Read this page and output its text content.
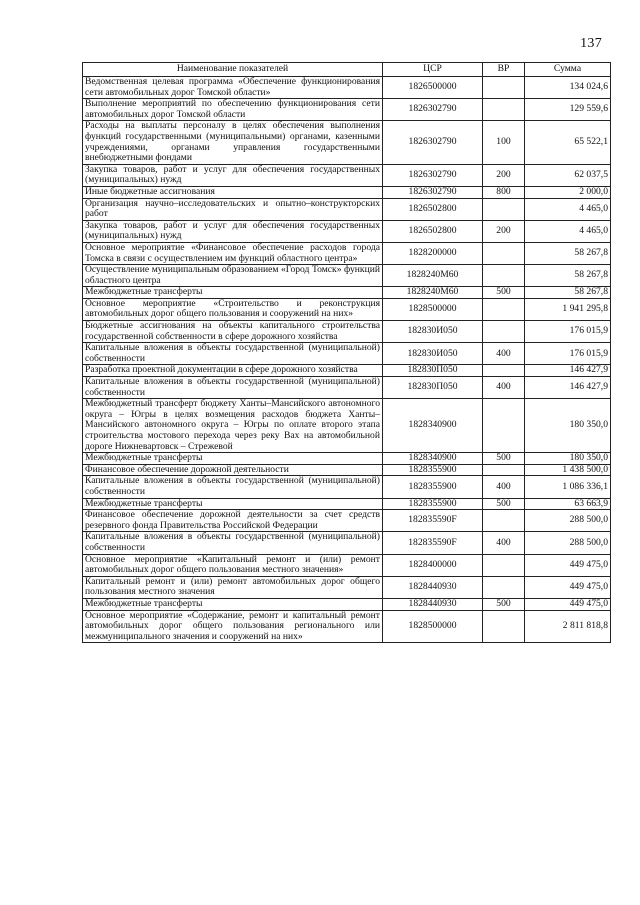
137
Наименование показателей	ЦСР	ВР	Сумма
Ведомственная целевая программа «Обеспечение функционирования сети автомобильных дорог Томской области»	1826500000		134 024,6
Выполнение мероприятий по обеспечению функционирования сети автомобильных дорог Томской области	1826302790		129 559,6
Расходы на выплаты персоналу в целях обеспечения выполнения функций государственными (муниципальными) органами, казенными учреждениями, органами управления государственными внебюджетными фондами	1826302790	100	65 522,1
Закупка товаров, работ и услуг для обеспечения государственных (муниципальных) нужд	1826302790	200	62 037,5
Иные бюджетные ассигнования	1826302790	800	2 000,0
Организация научно–исследовательских и опытно–конструкторских работ	1826502800		4 465,0
Закупка товаров, работ и услуг для обеспечения государственных (муниципальных) нужд	1826502800	200	4 465,0
Основное мероприятие «Финансовое обеспечение расходов города Томска в связи с осуществлением им функций областного центра»	1828200000		58 267,8
Осуществление муниципальным образованием «Город Томск» функций областного центра	1828240М60		58 267,8
Межбюджетные трансферты	1828240М60	500	58 267,8
Основное мероприятие «Строительство и реконструкция автомобильных дорог общего пользования и сооружений на них»	1828500000		1 941 295,8
Бюджетные ассигнования на объекты капитального строительства государственной собственности в сфере дорожного хозяйства	182830И050		176 015,9
Капитальные вложения в объекты государственной (муниципальной) собственности	182830И050	400	176 015,9
Разработка проектной документации в сфере дорожного хозяйства	182830П050		146 427,9
Капитальные вложения в объекты государственной (муниципальной) собственности	182830П050	400	146 427,9
Межбюджетный трансферт бюджету Ханты–Мансийского автономного округа – Югры в целях возмещения расходов бюджета Ханты–Мансийского автономного округа – Югры по оплате второго этапа строительства мостового перехода через реку Вах на автомобильной дороге Нижневартовск – Стрежевой	1828340900		180 350,0
Межбюджетные трансферты	1828340900	500	180 350,0
Финансовое обеспечение дорожной деятельности	1828355900		1 438 500,0
Капитальные вложения в объекты государственной (муниципальной) собственности	1828355900	400	1 086 336,1
Межбюджетные трансферты	1828355900	500	63 663,9
Финансовое обеспечение дорожной деятельности за счет средств резервного фонда Правительства Российской Федерации	182835590F		288 500,0
Капитальные вложения в объекты государственной (муниципальной) собственности	182835590F	400	288 500,0
Основное мероприятие «Капитальный ремонт и (или) ремонт автомобильных дорог общего пользования местного значения»	1828400000		449 475,0
Капитальный ремонт и (или) ремонт автомобильных дорог общего пользования местного значения	1828440930		449 475,0
Межбюджетные трансферты	1828440930	500	449 475,0
Основное мероприятие «Содержание, ремонт и капитальный ремонт автомобильных дорог общего пользования регионального или межмуниципального значения и сооружений на них»	1828500000		2 811 818,8
